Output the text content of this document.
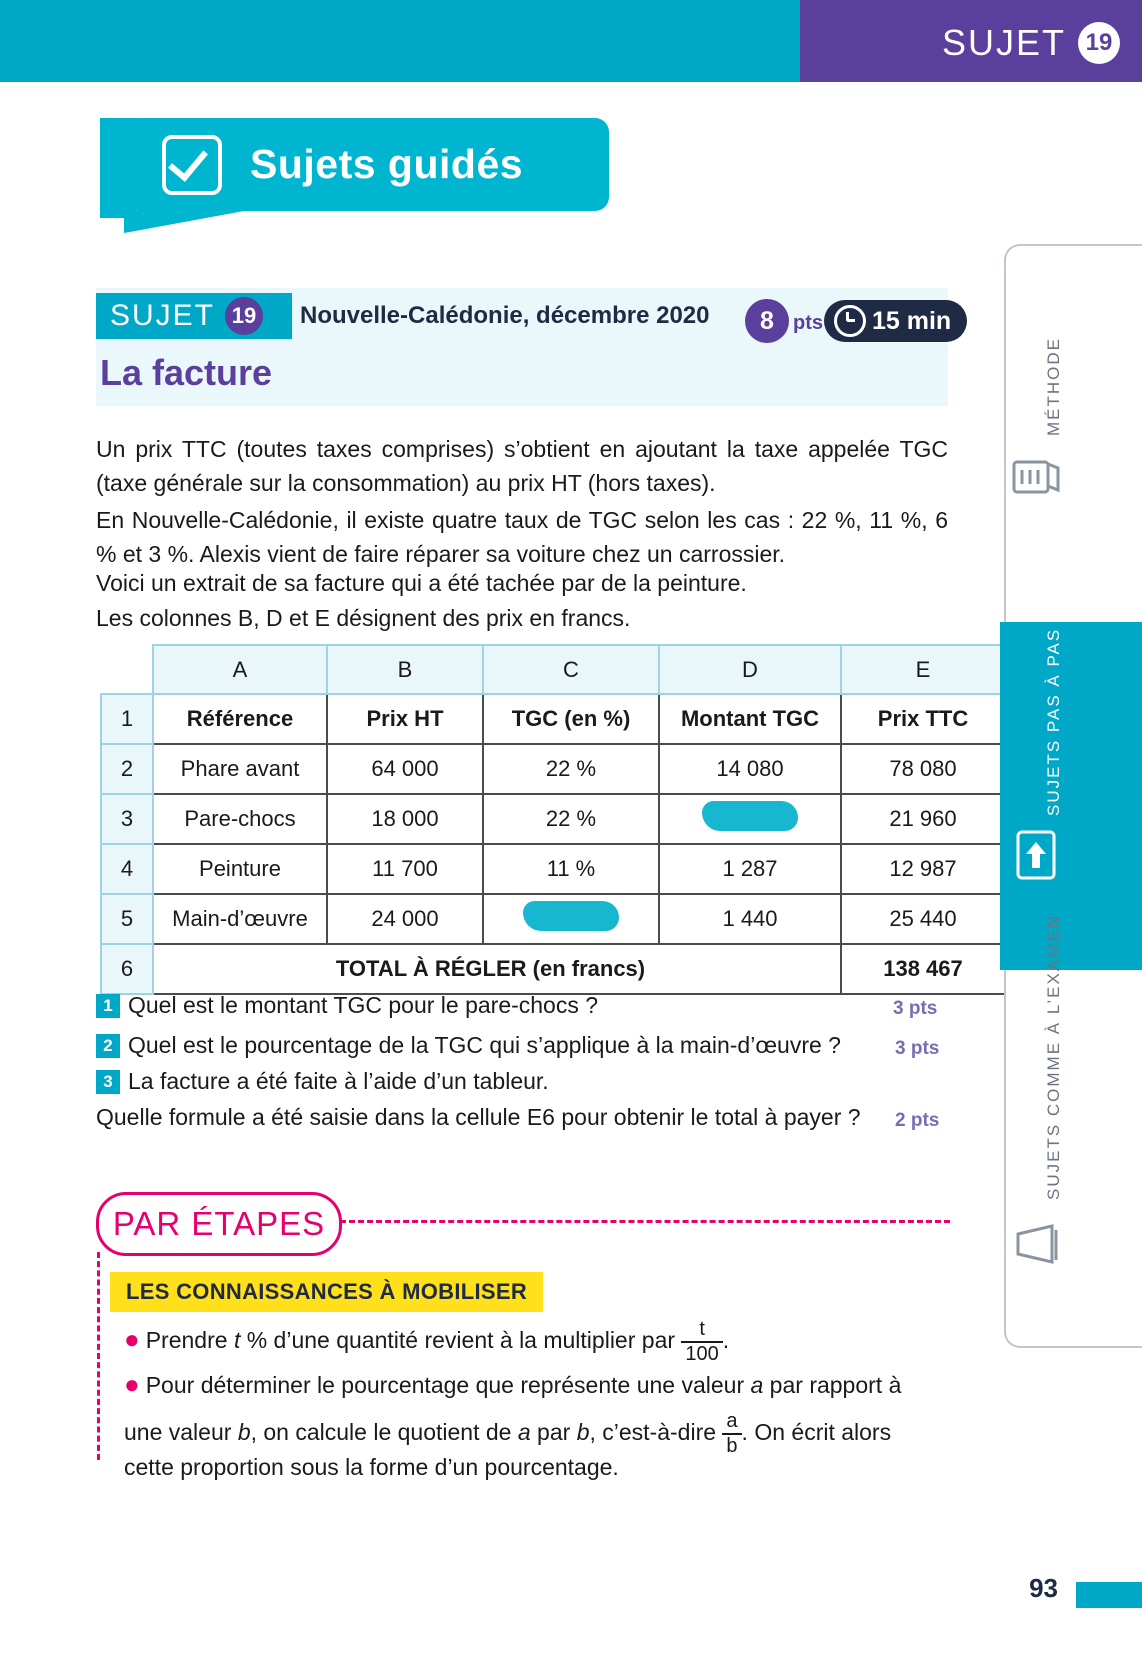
SUJET 19
Sujets guidés
SUJET 19 Nouvelle-Calédonie, décembre 2020	8 pts 15 min
La facture
Un prix TTC (toutes taxes comprises) s’obtient en ajoutant la taxe appelée TGC (taxe générale sur la consommation) au prix HT (hors taxes).
En Nouvelle-Calédonie, il existe quatre taux de TGC selon les cas : 22 %, 11 %, 6 % et 3 %. Alexis vient de faire réparer sa voiture chez un carrossier.
Voici un extrait de sa facture qui a été tachée par de la peinture.
Les colonnes B, D et E désignent des prix en francs.
	A	B	C	D	E
1	Référence	Prix HT	TGC (en %)	Montant TGC	Prix TTC
2	Phare avant	64 000	22 %	14 080	78 080
3	Pare-chocs	18 000	22 %		21 960
4	Peinture	11 700	11 %	1 287	12 987
5	Main-d’œuvre	24 000		1 440	25 440
6	TOTAL À RÉGLER (en francs)				138 467
1 Quel est le montant TGC pour le pare-chocs ?	3 pts
2 Quel est le pourcentage de la TGC qui s’applique à la main-d’œuvre ?	3 pts
3 La facture a été faite à l’aide d’un tableur.
Quelle formule a été saisie dans la cellule E6 pour obtenir le total à payer ? 2 pts
PAR ÉTAPES
LES CONNAISSANCES À MOBILISER
● Prendre t % d’une quantité revient à la multiplier par $\frac{t}{100}$ .
● Pour déterminer le pourcentage que représente une valeur a par rapport à
une valeur b, on calcule le quotient de a par b, c’est-à-dire $\frac{a}{b}$ . On écrit alors
cette proportion sous la forme d’un pourcentage.
MÉTHODE
SUJETS PAS À PAS
SUJETS COMME À L’EXAMEN
93
